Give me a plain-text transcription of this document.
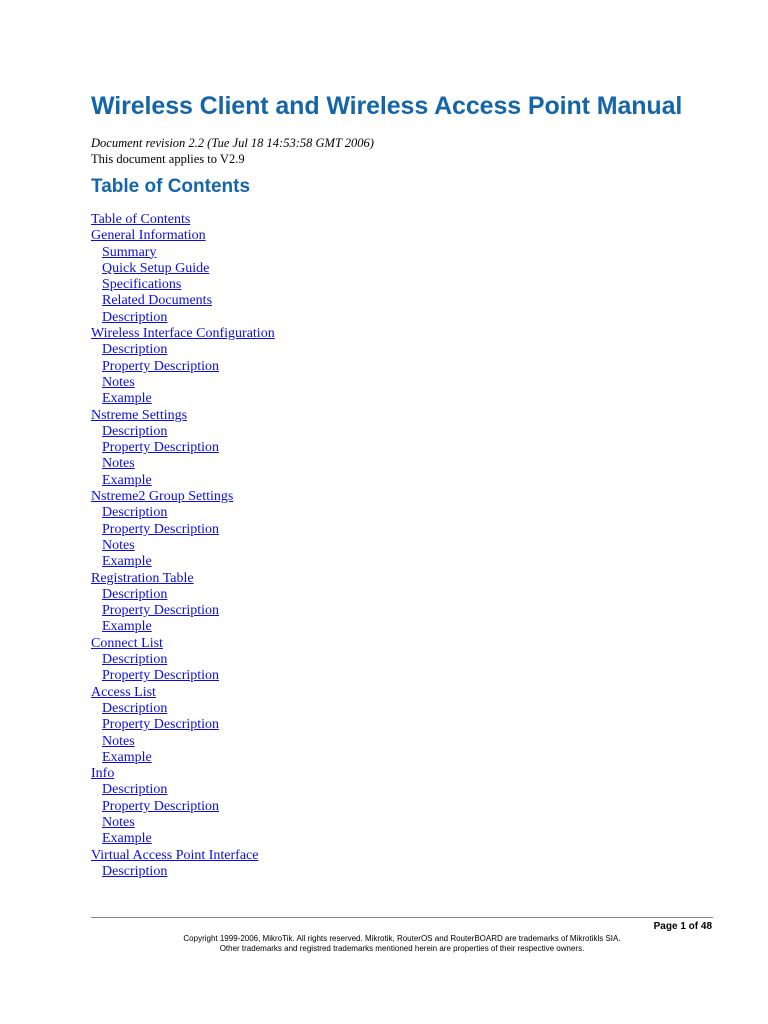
Wireless Client and Wireless Access Point Manual
Document revision 2.2 (Tue Jul 18 14:53:58 GMT 2006)
This document applies to V2.9
Table of Contents
Table of Contents
General Information
Summary
Quick Setup Guide
Specifications
Related Documents
Description
Wireless Interface Configuration
Description
Property Description
Notes
Example
Nstreme Settings
Description
Property Description
Notes
Example
Nstreme2 Group Settings
Description
Property Description
Notes
Example
Registration Table
Description
Property Description
Example
Connect List
Description
Property Description
Access List
Description
Property Description
Notes
Example
Info
Description
Property Description
Notes
Example
Virtual Access Point Interface
Description
Page 1 of 48
Copyright 1999-2006, MikroTik. All rights reserved. Mikrotik, RouterOS and RouterBOARD are trademarks of Mikrotikls SIA.
Other trademarks and registred trademarks mentioned herein are properties of their respective owners.
